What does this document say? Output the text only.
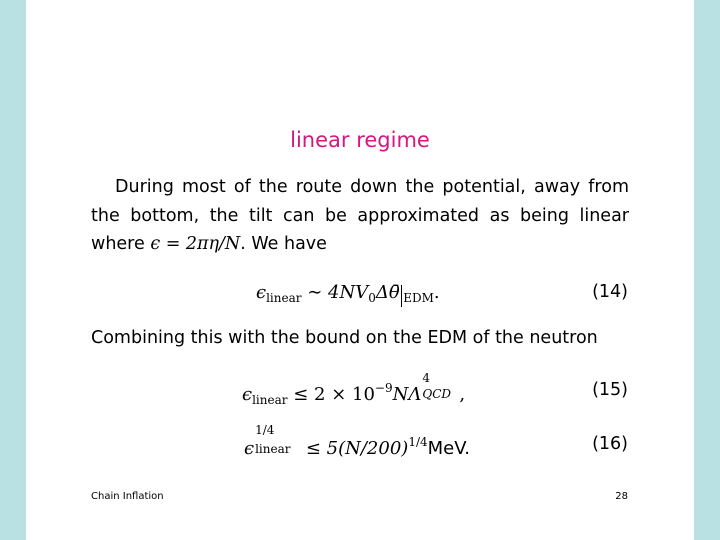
linear regime
During most of the route down the potential, away from the bottom, the tilt can be approximated as being linear where ϵ = 2πη/N. We have
$\epsilon_{linear}$ ∼ $4NV_0\Delta\thetā$ $_{EDM}$.	(14)
Combining this with the bound on the EDM of the neutron
$\epsilon_{linear} \le 2 \times 10^{-9}N\Lambda$
4
QCD ,	(15)
ϵ
1/4
linear ≤ $5(N/200)^{1/4}MeV$.	(16)
Chain Inflation	28
